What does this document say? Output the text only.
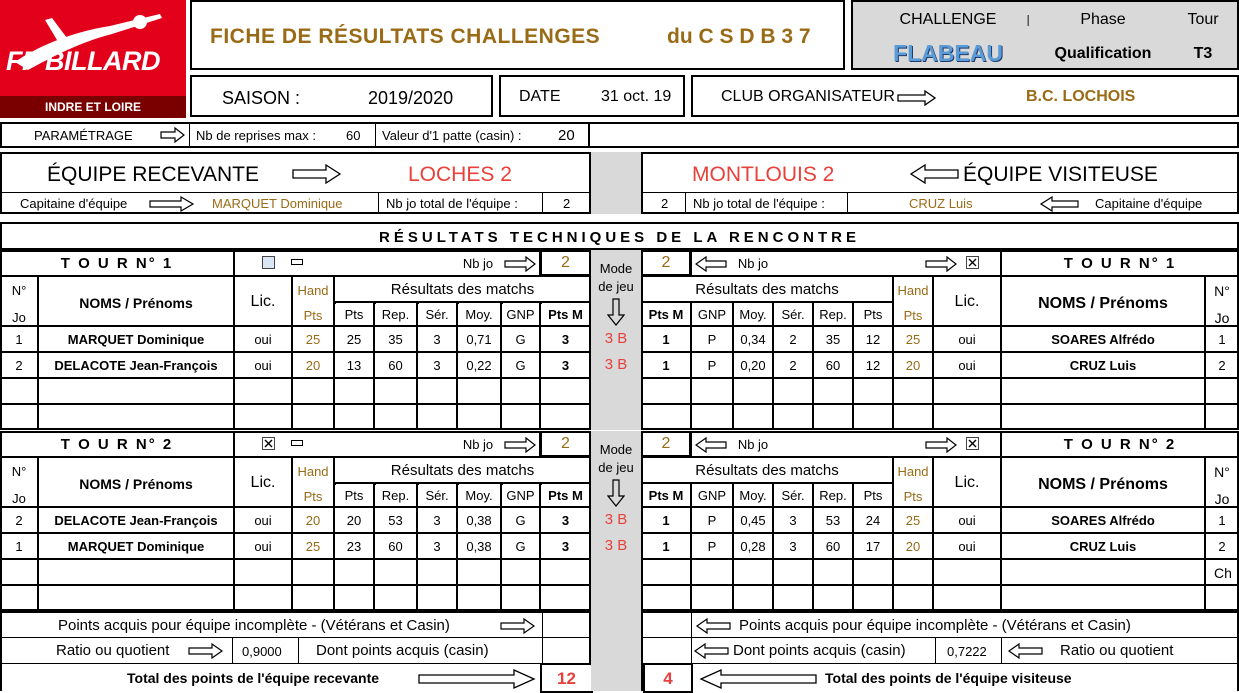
FF BILLARD
INDRE ET LOIRE
FICHE DE RÉSULTATS CHALLENGES	du C S D B 3 7
CHALLENGE	Phase	Tour
FLABEAU	Qualification	T3
I
SAISON :	2019/2020	DATE	31 oct. 19	CLUB ORGANISATEUR	B.C. LOCHOIS
PARAMÉTRAGE	Nb de reprises max : 60 Valeur d'1 patte (casin) : 20
ÉQUIPE RECEVANTE	LOCHES 2
Capitaine d'équipe	MARQUET Dominique	Nb jo total de l'équipe :	2
MONTLOUIS 2	ÉQUIPE VISITEUSE
2 Nb jo total de l'équipe :	CRUZ Luis	Capitaine d'équipe
RÉSULTATS TECHNIQUES DE LA RENCONTRE
T O U R N° 1	Nb jo	2	2	Nb jo	T O U R N° 1
Mode
de jeu
N°
Jo
NOMS / Prénoms	Lic.
Hand
Pts
Résultats des matchs
Pts	Rep.	Sér.	Moy.	GNP	Pts M
Résultats des matchs
Pts M	GNP	Moy.	Sér.	Rep.	Pts
Hand
Pts
Lic.	NOMS / Prénoms
N°
Jo
1	MARQUET Dominique	oui	25	25	35	3	0,71	G	3	3 B	1	P	0,34	2	35	12	25	oui	SOARES Alfrédo	1
2	DELACOTE Jean-François	oui	20	13	60	3	0,22	G	3	3 B	1	P	0,20	2	60	12	20	oui	CRUZ Luis	2
T O U R N° 2	Nb jo	2	2	Nb jo	T O U R N° 2
Mode
de jeu
N°
Jo
NOMS / Prénoms	Lic.
Hand
Pts
Résultats des matchs
Pts	Rep.	Sér.	Moy.	GNP	Pts M
Résultats des matchs
Pts M	GNP	Moy.	Sér.	Rep.	Pts
Hand
Pts
Lic.	NOMS / Prénoms
N°
Jo
2	DELACOTE Jean-François	oui	20	20	53	3	0,38	G	3	3 B	1	P	0,45	3	53	24	25	oui	SOARES Alfrédo	1
1	MARQUET Dominique	oui	25	23	60	3	0,38	G	3	3 B	1	P	0,28	3	60	17	20	oui	CRUZ Luis	2
Ch
Points acquis pour équipe incomplète - (Vétérans et Casin)
Ratio ou quotient	0,9000 Dont points acquis (casin)
Total des points de l'équipe recevante	12
Points acquis pour équipe incomplète - (Vétérans et Casin)
Dont points acquis (casin)	0,7222	Ratio ou quotient
4	Total des points de l'équipe visiteuse
